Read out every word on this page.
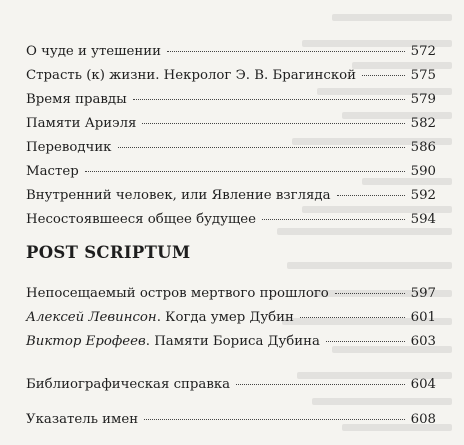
О чуде и утешении	572
Страсть (к) жизни. Некролог Э. В. Брагинской	575
Время правды	579
Памяти Ариэля	582
Переводчик	586
Мастер	590
Внутренний человек, или Явление взгляда	592
Несостоявшееся общее будущее	594
POST SCRIPTUM
Непосещаемый остров мертвого прошлого	597
Алексей Левинсон. Когда умер Дубин	601
Виктор Ерофеев. Памяти Бориса Дубина	603
Библиографическая справка	604
Указатель имен	608
